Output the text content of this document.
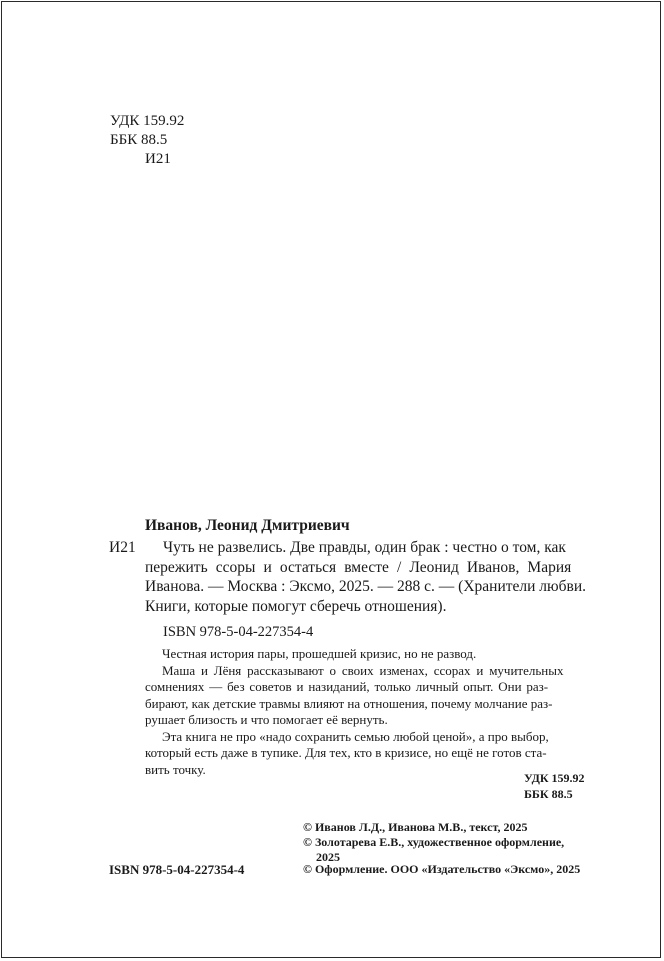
УДК 159.92
ББК 88.5
И21
Иванов, Леонид Дмитриевич
И21 Чуть не развелись. Две правды, один брак : честно о том, как
пережить ссоры и остаться вместе / Леонид Иванов, Мария
Иванова. — Москва : Эксмо, 2025. — 288 с. — (Хранители любви.
Книги, которые помогут сберечь отношения).
ISBN 978-5-04-227354-4
Честная история пары, прошедшей кризис, но не развод.
Маша и Лёня рассказывают о своих изменах, ссорах и мучительных
сомнениях — без советов и назиданий, только личный опыт. Они раз-
бирают, как детские травмы влияют на отношения, почему молчание раз-
рушает близость и что помогает её вернуть.
Эта книга не про «надо сохранить семью любой ценой», а про выбор,
который есть даже в тупике. Для тех, кто в кризисе, но ещё не готов ста-
вить точку.
УДК 159.92
ББК 88.5
© Иванов Л.Д., Иванова М.В., текст, 2025
© Золотарева Е.В., художественное оформление,
2025
© Оформление. ООО «Издательство «Эксмо», 2025
ISBN 978-5-04-227354-4
